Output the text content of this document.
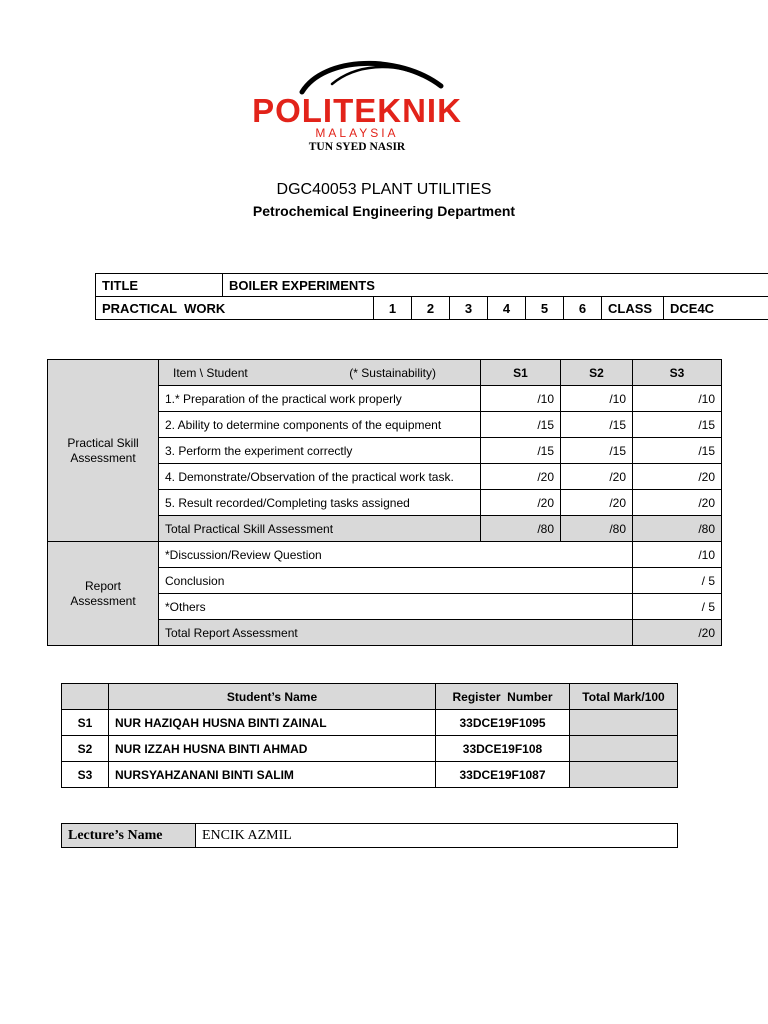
POLITEKNIK
MALAYSIA
TUN SYED NASIR
DGC40053 PLANT UTILITIES
Petrochemical Engineering Department
TITLE	BOILER EXPERIMENTS								
PRACTICAL  WORK		1	2	3	4	5	6	CLASS	DCE4C
Practical Skill
Assessment	Item \ Student (* Sustainability)	S1	S2	S3
	1.* Preparation of the practical work properly	/10	/10	/10
	2. Ability to determine components of the equipment	/15	/15	/15
	3. Perform the experiment correctly	/15	/15	/15
	4. Demonstrate/Observation of the practical work task.	/20	/20	/20
	5. Result recorded/Completing tasks assigned	/20	/20	/20
	Total Practical Skill Assessment	/80	/80	/80
Report
Assessment	*Discussion/Review Question			/10
	Conclusion			/ 5
	*Others			/ 5
	Total Report Assessment			/20
	Student’s Name	Register  Number	Total Mark/100
S1	NUR HAZIQAH HUSNA BINTI ZAINAL	33DCE19F1095	
S2	NUR IZZAH HUSNA BINTI AHMAD	33DCE19F108	
S3	NURSYAHZANANI BINTI SALIM	33DCE19F1087	
Lecture’s Name	ENCIK AZMIL
